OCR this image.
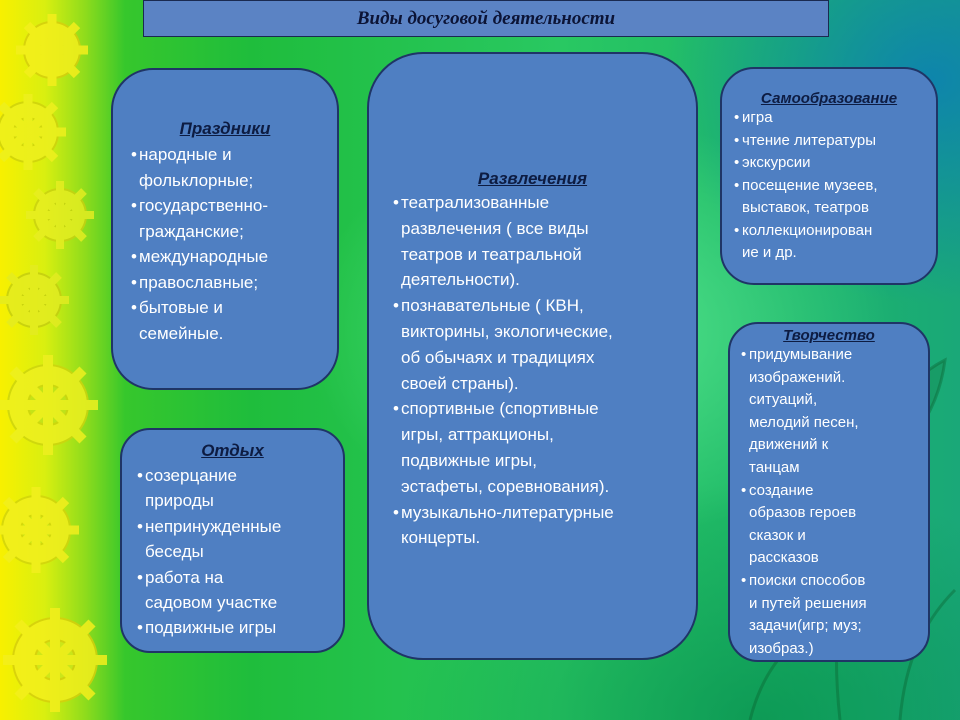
Виды досуговой деятельности

Праздники

• народные и
фольклорные;
• государственно-
гражданские;
• международные
• православные;
• бытовые и
семейные.

Отдых

• созерцание
природы
• непринужденные
беседы
• работа на
садовом участке
• подвижные игры

Развлечения

• театрализованные
развлечения ( все виды
театров и театральной
деятельности).
• познавательные ( КВН,
викторины, экологические,
об обычаях и традициях
своей страны).
• спортивные (спортивные
игры, аттракционы,
подвижные игры,
эстафеты, соревнования).
• музыкально-литературные
концерты.

Самообразование

• игра
• чтение литературы
• экскурсии
• посещение музеев,
выставок, театров
• коллекционирован
ие и др.

Творчество

• придумывание
изображений.
ситуаций,
мелодий песен,
движений к
танцам
• создание
образов героев
сказок и
рассказов
• поиски способов
и путей решения
задачи(игр; муз;
изобраз.)
